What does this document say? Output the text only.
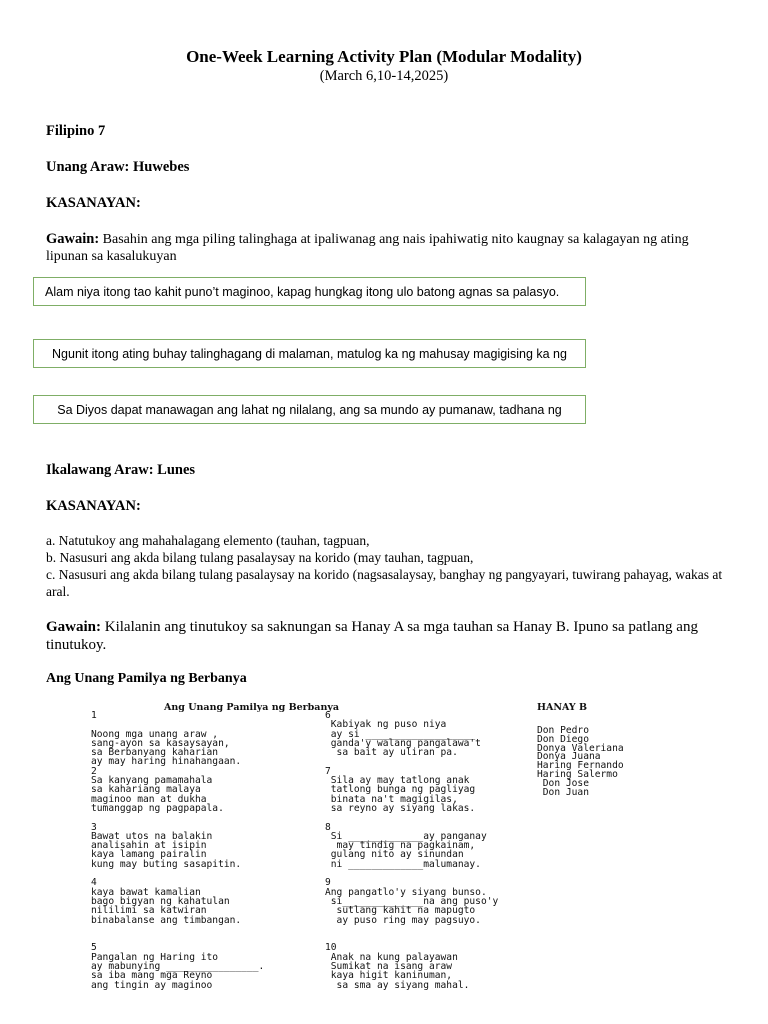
One-Week Learning Activity Plan (Modular Modality)
(March 6,10-14,2025)
Filipino 7
Unang Araw: Huwebes
KASANAYAN:
Gawain: Basahin ang mga piling talinghaga at ipaliwanag ang nais ipahiwatig nito kaugnay sa kalagayan ng ating lipunan sa kasalukuyan
Alam niya itong tao kahit puno’t maginoo, kapag hungkag itong ulo batong agnas sa palasyo.
Ngunit itong ating buhay talinghagang di malaman, matulog ka ng mahusay magigising ka ng
Sa Diyos dapat manawagan ang lahat ng nilalang, ang sa mundo ay pumanaw, tadhana ng
Ikalawang Araw: Lunes
KASANAYAN:
a. Natutukoy ang mahahalagang elemento (tauhan, tagpuan,
b. Nasusuri ang akda bilang tulang pasalaysay na korido (may tauhan, tagpuan,
c. Nasusuri ang akda bilang tulang pasalaysay na korido (nagsasalaysay, banghay ng pangyayari, tuwirang pahayag, wakas at aral.
Gawain: Kilalanin ang tinutukoy sa saknungan sa Hanay A sa mga tauhan sa Hanay B. Ipuno sa patlang ang tinutukoy.
Ang Unang Pamilya ng Berbanya
Ang Unang Pamilya ng Berbanya	HANAY B
1

Noong mga unang araw ,
sang-ayon sa kasaysayan,
sa Berbanyang kaharian
ay may haring hinahangaan.
2
Sa kanyang pamamahala
sa kahariang malaya
maginoo man at dukha
tumanggap ng pagpapala.

3
Bawat utos na balakin
analisahin at isipin
kaya lamang pairalin
kung may buting sasapitin.

4
kaya bawat kamalian
bago bigyan ng kahatulan
nililimi sa katwiran
binabalanse ang timbangan.

5
Pangalan ng Haring ito
ay mabunying ________________.
sa iba mang mga Reyno
ang tingin ay maginoo
6
Kabiyak ng puso niya
ay si ___________________
ganda'y walang pangalawa't
sa bait ay uliran pa.

7
Sila ay may tatlong anak
tatlong bunga ng pagliyag
binata na't magigilas,
sa reyno ay siyang lakas.

8
Si _____________ay panganay
may tindig na pagkainam,
gulang nito ay sinundan
ni _____________malumanay.

9
Ang pangatlo'y siyang bunso.
si______________na ang puso'y
sutlang kahit na mapugto
ay puso ring may pagsuyo.

10
Anak na kung palayawan
Sumikat na isang araw
kaya higit kaninuman,
sa sma ay siyang mahal.
Don Pedro
Don Diego
Donya Valeriana
Donya Juana
Haring Fernando
Haring Salermo
Don Jose
Don Juan
